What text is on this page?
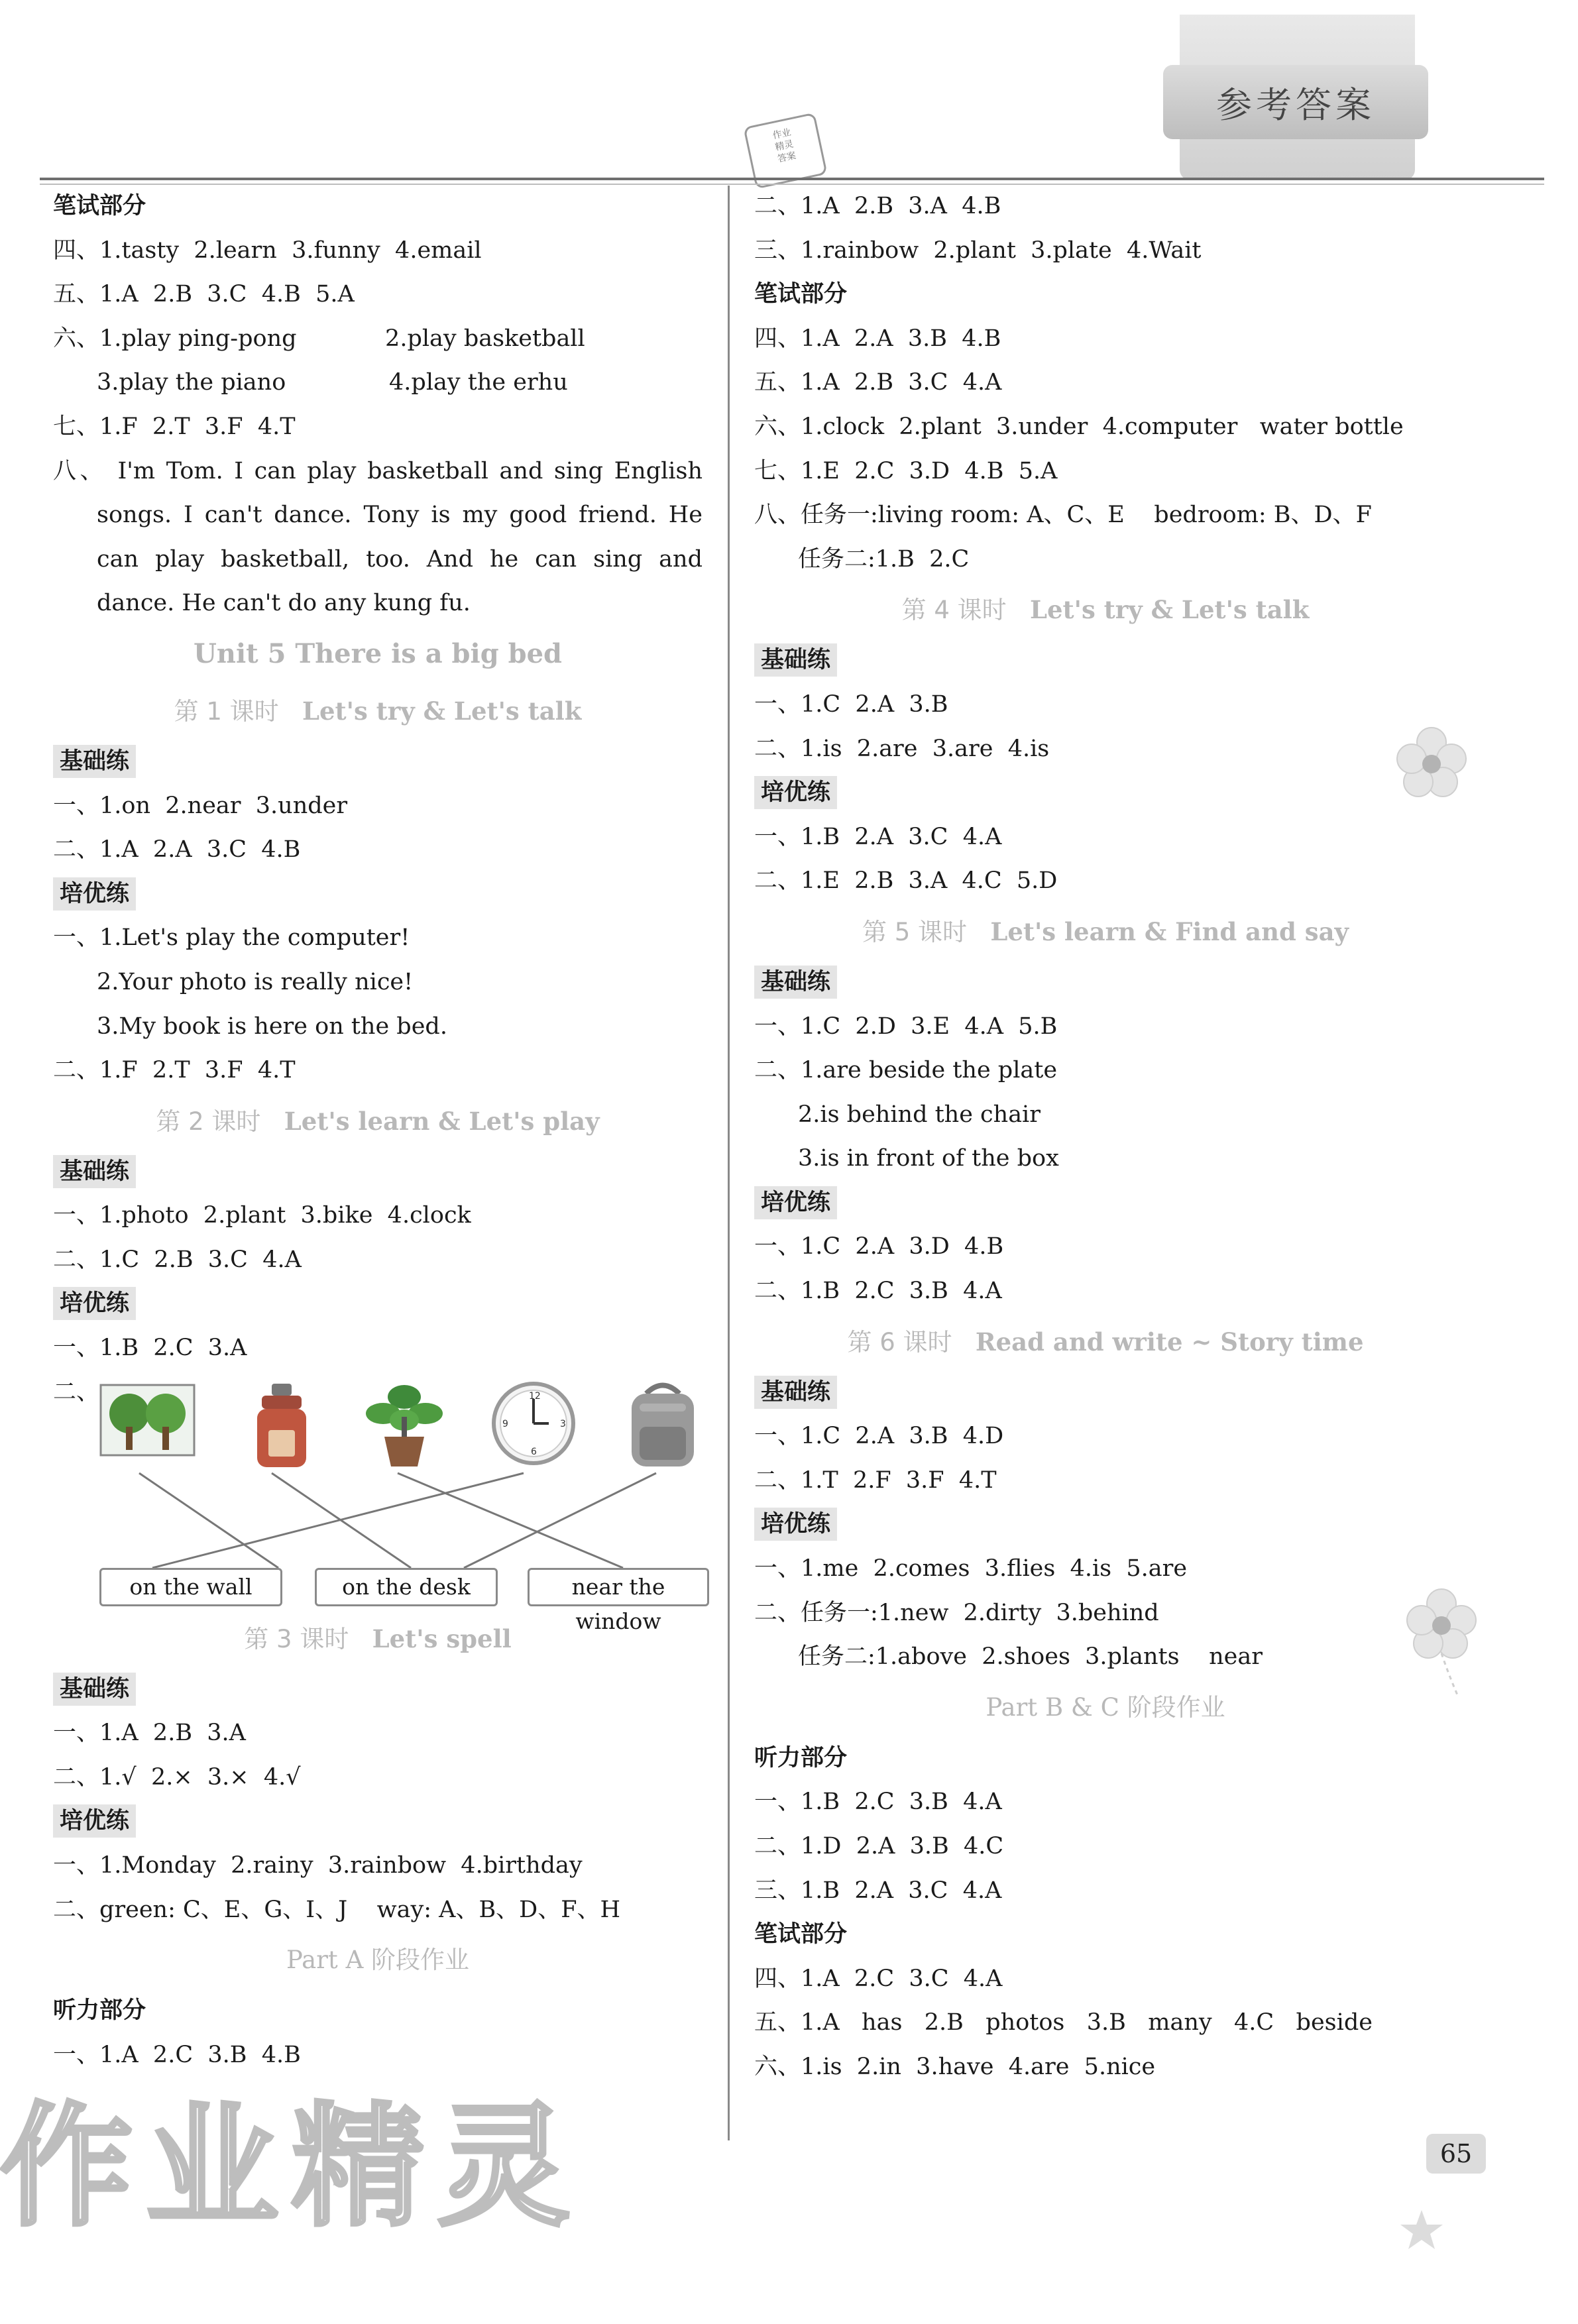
参考答案
作业
精灵
答案
笔试部分
四、1.tasty  2.learn  3.funny  4.email
五、1.A  2.B  3.C  4.B  5.A
六、1.play ping-pong            2.play basketball
3.play the piano              4.play the erhu
七、1.F  2.T  3.F  4.T
八、 I'm Tom. I can play basketball and sing English songs. I can't dance. Tony is my good friend. He can play basketball, too. And he can sing and dance. He can't do any kung fu.
Unit 5 There is a big bed
第 1 课时 Let's try & Let's talk
基础练
一、1.on  2.near  3.under
二、1.A  2.A  3.C  4.B
培优练
一、1.Let's play the computer!
2.Your photo is really nice!
3.My book is here on the bed.
二、1.F  2.T  3.F  4.T
第 2 课时 Let's learn & Let's play
基础练
一、1.photo  2.plant  3.bike  4.clock
二、1.C  2.B  3.C  4.A
培优练
一、1.B  2.C  3.A
二、	12
3
6
9
on the wall	on the desk	near the window
第 3 课时 Let's spell
基础练
一、1.A  2.B  3.A
二、1.√  2.×  3.×  4.√
培优练
一、1.Monday  2.rainy  3.rainbow  4.birthday
二、green: C、E、G、I、J    way: A、B、D、F、H
Part A 阶段作业
听力部分
一、1.A  2.C  3.B  4.B
二、1.A  2.B  3.A  4.B
三、1.rainbow  2.plant  3.plate  4.Wait
笔试部分
四、1.A  2.A  3.B  4.B
五、1.A  2.B  3.C  4.A
六、1.clock  2.plant  3.under  4.computer   water bottle
七、1.E  2.C  3.D  4.B  5.A
八、任务一:living room: A、C、E    bedroom: B、D、F
任务二:1.B  2.C
第 4 课时 Let's try & Let's talk
基础练
一、1.C  2.A  3.B
二、1.is  2.are  3.are  4.is
培优练
一、1.B  2.A  3.C  4.A
二、1.E  2.B  3.A  4.C  5.D
第 5 课时 Let's learn & Find and say
基础练
一、1.C  2.D  3.E  4.A  5.B
二、1.are beside the plate
2.is behind the chair
3.is in front of the box
培优练
一、1.C  2.A  3.D  4.B
二、1.B  2.C  3.B  4.A
第 6 课时 Read and write ~ Story time
基础练
一、1.C  2.A  3.B  4.D
二、1.T  2.F  3.F  4.T
培优练
一、1.me  2.comes  3.flies  4.is  5.are
二、任务一:1.new  2.dirty  3.behind
任务二:1.above  2.shoes  3.plants    near
Part B & C 阶段作业
听力部分
一、1.B  2.C  3.B  4.A
二、1.D  2.A  3.B  4.C
三、1.B  2.A  3.C  4.A
笔试部分
四、1.A  2.C  3.C  4.A
五、1.A   has   2.B   photos   3.B   many   4.C   beside
六、1.is  2.in  3.have  4.are  5.nice
65
作业精灵
